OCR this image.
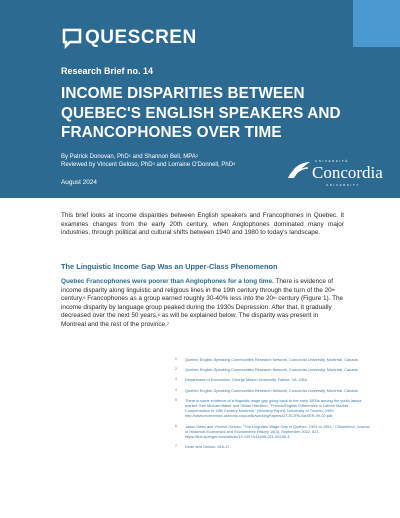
QUESCREN
Research Brief no. 14
INCOME DISPARITIES BETWEEN QUEBEC'S ENGLISH SPEAKERS AND FRANCOPHONES OVER TIME
By Patrick Donovan, PhD$^1$ and Shannon Bell, MPA$^2$
Reviewed by Vincent Geloso, PhD$^3$ and Lorraine O'Donnell, PhD$^4$
August 2024
UNIVERSITÉ
Concordia
UNIVERSITY

This brief looks at income disparities between English speakers and Francophones in Quebec. It examines changes from the early 20th century, when Anglophones dominated many major industries, through political and cultural shifts between 1940 and 1980 to today's landscape.

The Linguistic Income Gap Was an Upper-Class Phenomenon

Quebec Francophones were poorer than Anglophones for a long time. There is evidence of income disparity along linguistic and religious lines in the 19th century through the turn of the 20th century.$^5$ Francophones as a group earned roughly 30-40% less into the 20th century (Figure 1). The income disparity by language group peaked during the 1930s Depression. After that, it gradually decreased over the next 50 years,$^6$ as will be explained below. The disparity was present in Montreal and the rest of the province.$^7$

1 Quebec English-Speaking Communities Research Network, Concordia University, Montreal, Canada.
2 Quebec English-Speaking Communities Research Network, Concordia University, Montreal, Canada.
3 Department of Economics, George Mason University, Fairfax, VA, USA.
4 Quebec English-Speaking Communities Research Network, Concordia University, Montreal, Canada.
5 There is some evidence of a linguistic wage gap going back to the early 1800s among the youth labour market. See Michael Baker and Gillian Hamilton, "French/English Differences in Labour Market Compensation in 19th Century Montreal." [Working Paper]. University of Toronto, 1999. http://www.economics.utoronto.ca/public/workingPapers/UT-ECIPA-BAKER-99-02.pdf.
6 Jason Dean and Vincent Geloso, "The Linguistic Wage Gap in Quebec, 1901 to 1951," Cliometrica: Journal of Historical Economics and Econometric History 16(3), September 2022, 621, https://link.springer.com/article/10.1007/s11698-021-00236-3.
7 Dean and Geloso, 616-17.
